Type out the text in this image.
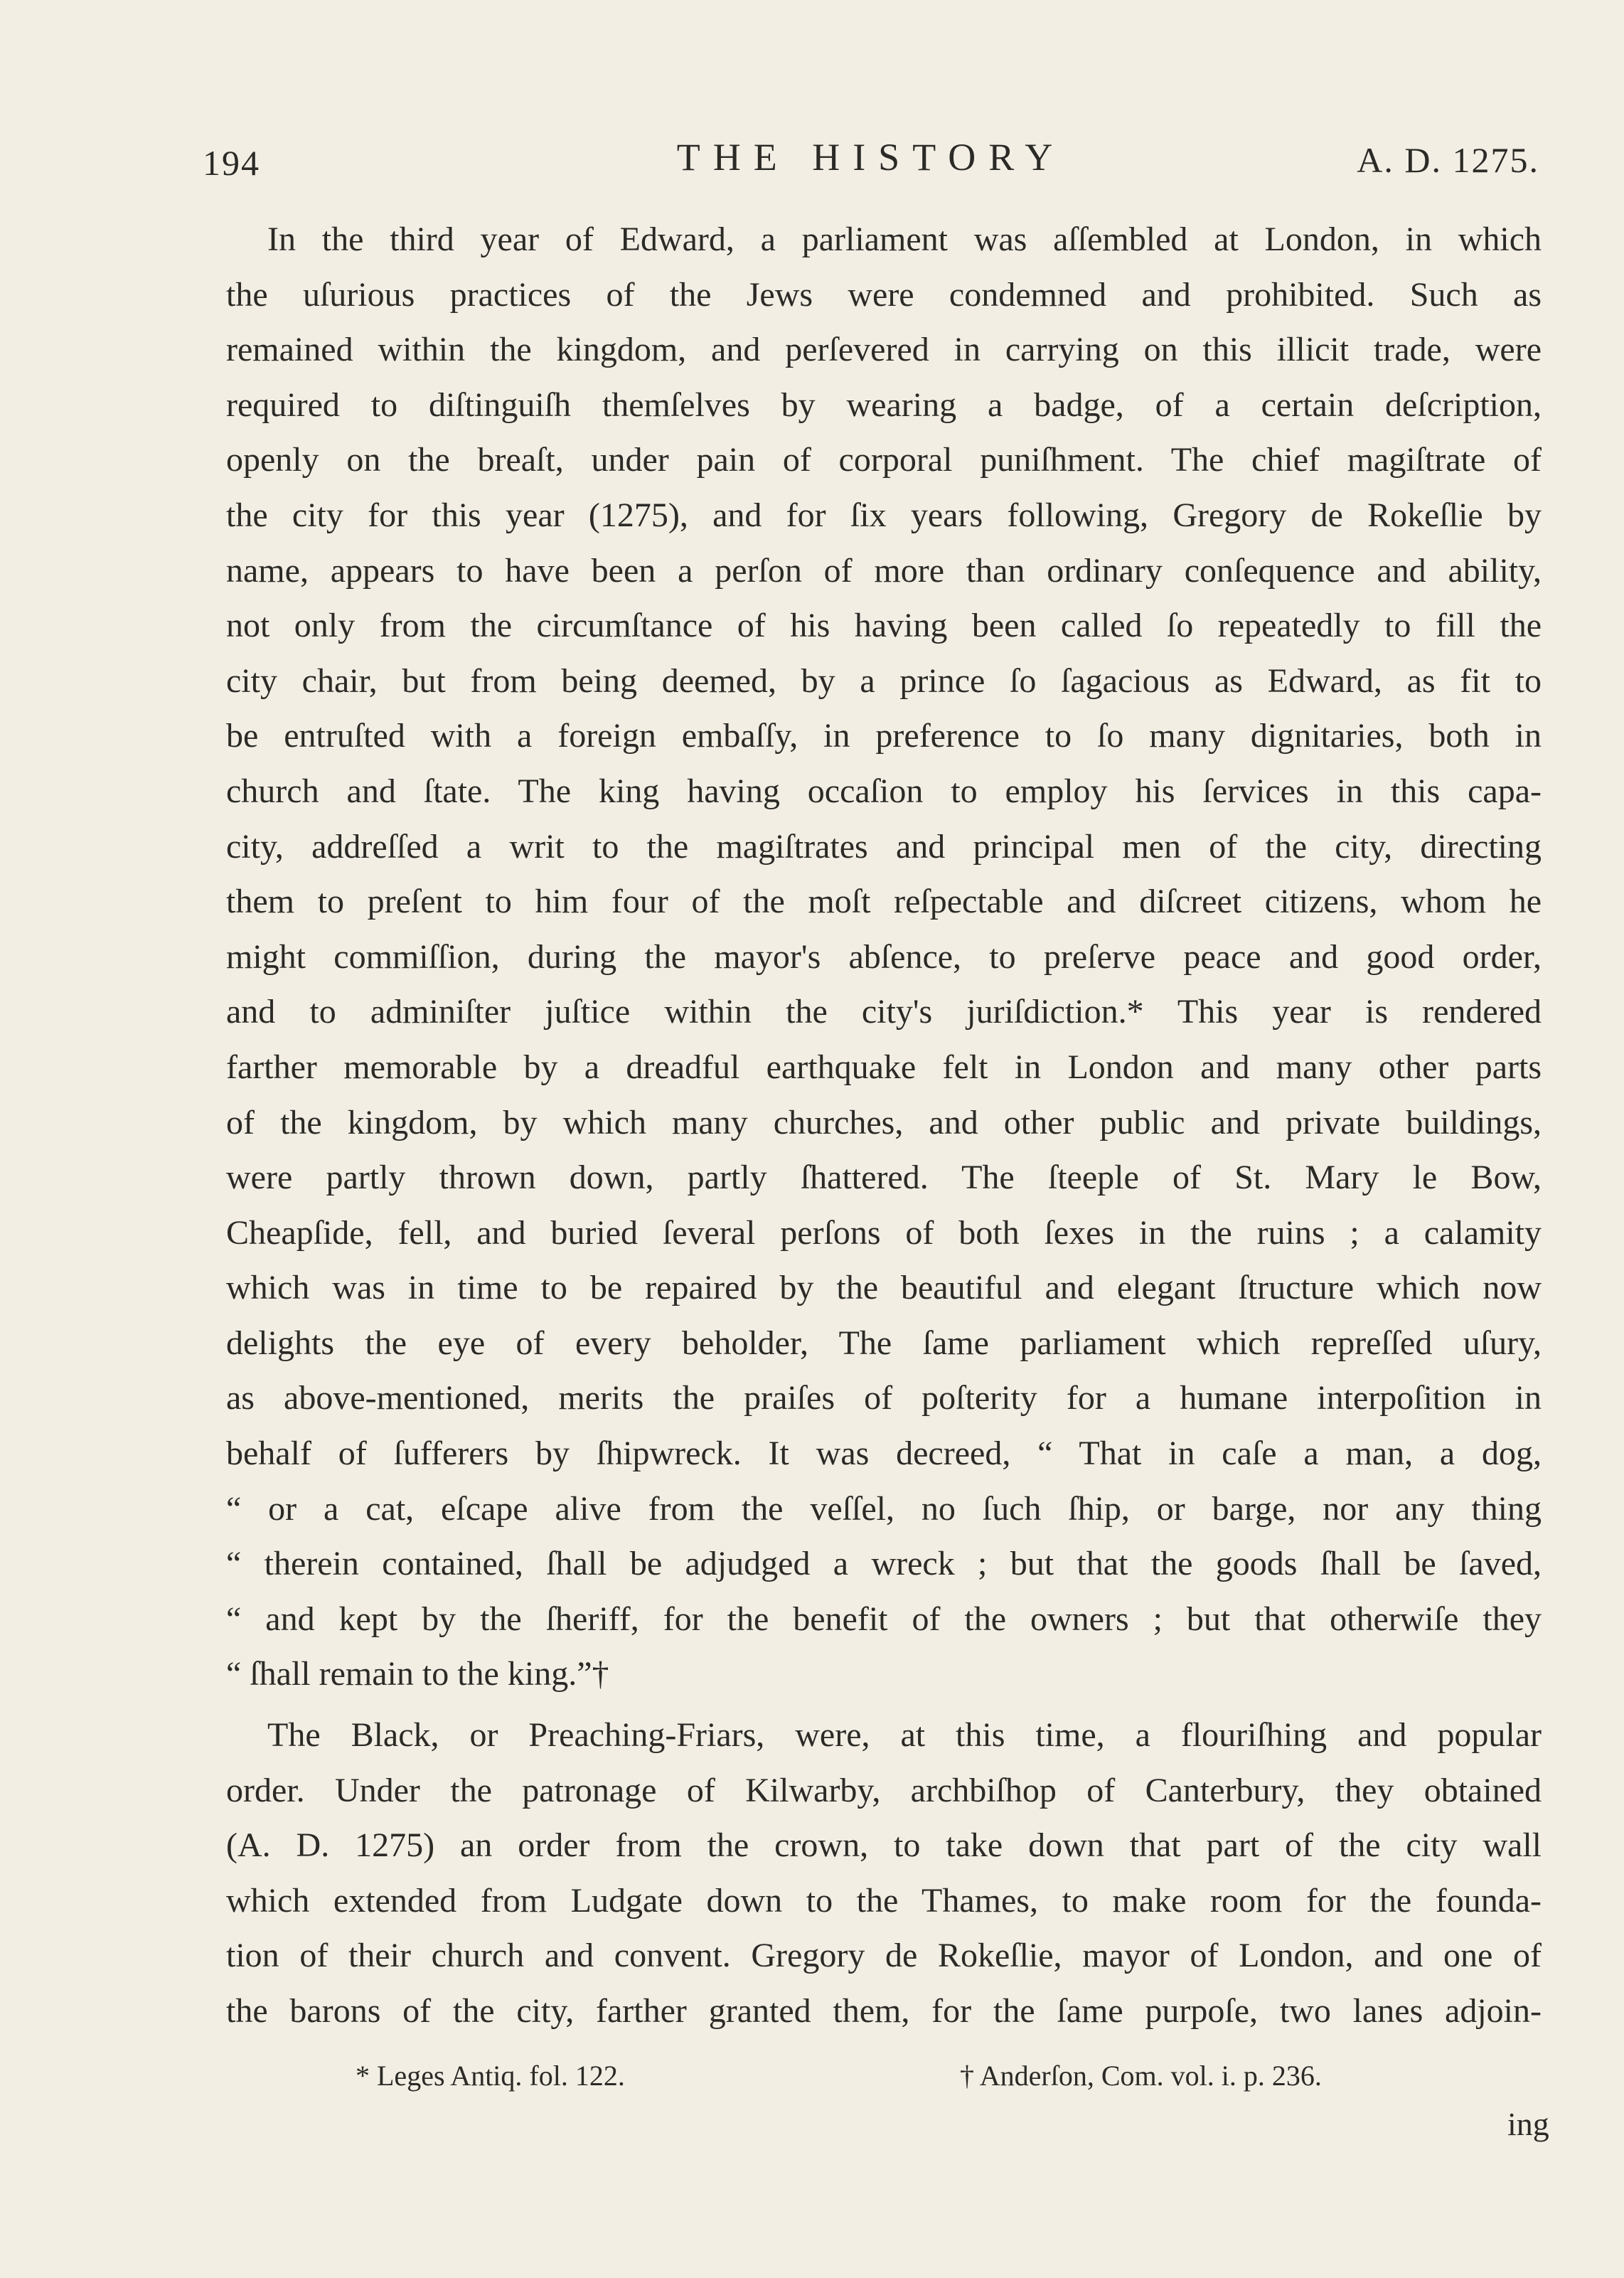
194	THE HISTORY	A. D. 1275.
In the third year of Edward, a parliament was aſſembled at London, in which
the uſurious practices of the Jews were condemned and prohibited. Such as
remained within the kingdom, and perſevered in carrying on this illicit trade, were
required to diſtinguiſh themſelves by wearing a badge, of a certain deſcription,
openly on the breaſt, under pain of corporal puniſhment. The chief magiſtrate of
the city for this year (1275), and for ſix years following, Gregory de Rokeſlie by
name, appears to have been a perſon of more than ordinary conſequence and ability,
not only from the circumſtance of his having been called ſo repeatedly to fill the
city chair, but from being deemed, by a prince ſo ſagacious as Edward, as fit to
be entruſted with a foreign embaſſy, in preference to ſo many dignitaries, both in
church and ſtate. The king having occaſion to employ his ſervices in this capa-
city, addreſſed a writ to the magiſtrates and principal men of the city, directing
them to preſent to him four of the moſt reſpectable and diſcreet citizens, whom he
might commiſſion, during the mayor's abſence, to preſerve peace and good order,
and to adminiſter juſtice within the city's juriſdiction.* This year is rendered
farther memorable by a dreadful earthquake felt in London and many other parts
of the kingdom, by which many churches, and other public and private buildings,
were partly thrown down, partly ſhattered. The ſteeple of St. Mary le Bow,
Cheapſide, fell, and buried ſeveral perſons of both ſexes in the ruins ; a calamity
which was in time to be repaired by the beautiful and elegant ſtructure which now
delights the eye of every beholder, The ſame parliament which repreſſed uſury,
as above-mentioned, merits the praiſes of poſterity for a humane interpoſition in
behalf of ſufferers by ſhipwreck. It was decreed, “ That in caſe a man, a dog,
“ or a cat, eſcape alive from the veſſel, no ſuch ſhip, or barge, nor any thing
“ therein contained, ſhall be adjudged a wreck ; but that the goods ſhall be ſaved,
“ and kept by the ſheriff, for the benefit of the owners ; but that otherwiſe they
“ ſhall remain to the king.”†
The Black, or Preaching-Friars, were, at this time, a flouriſhing and popular
order. Under the patronage of Kilwarby, archbiſhop of Canterbury, they obtained
(A. D. 1275) an order from the crown, to take down that part of the city wall
which extended from Ludgate down to the Thames, to make room for the founda-
tion of their church and convent. Gregory de Rokeſlie, mayor of London, and one of
the barons of the city, farther granted them, for the ſame purpoſe, two lanes adjoin-
* Leges Antiq. fol. 122.	† Anderſon, Com. vol. i. p. 236.
ing
